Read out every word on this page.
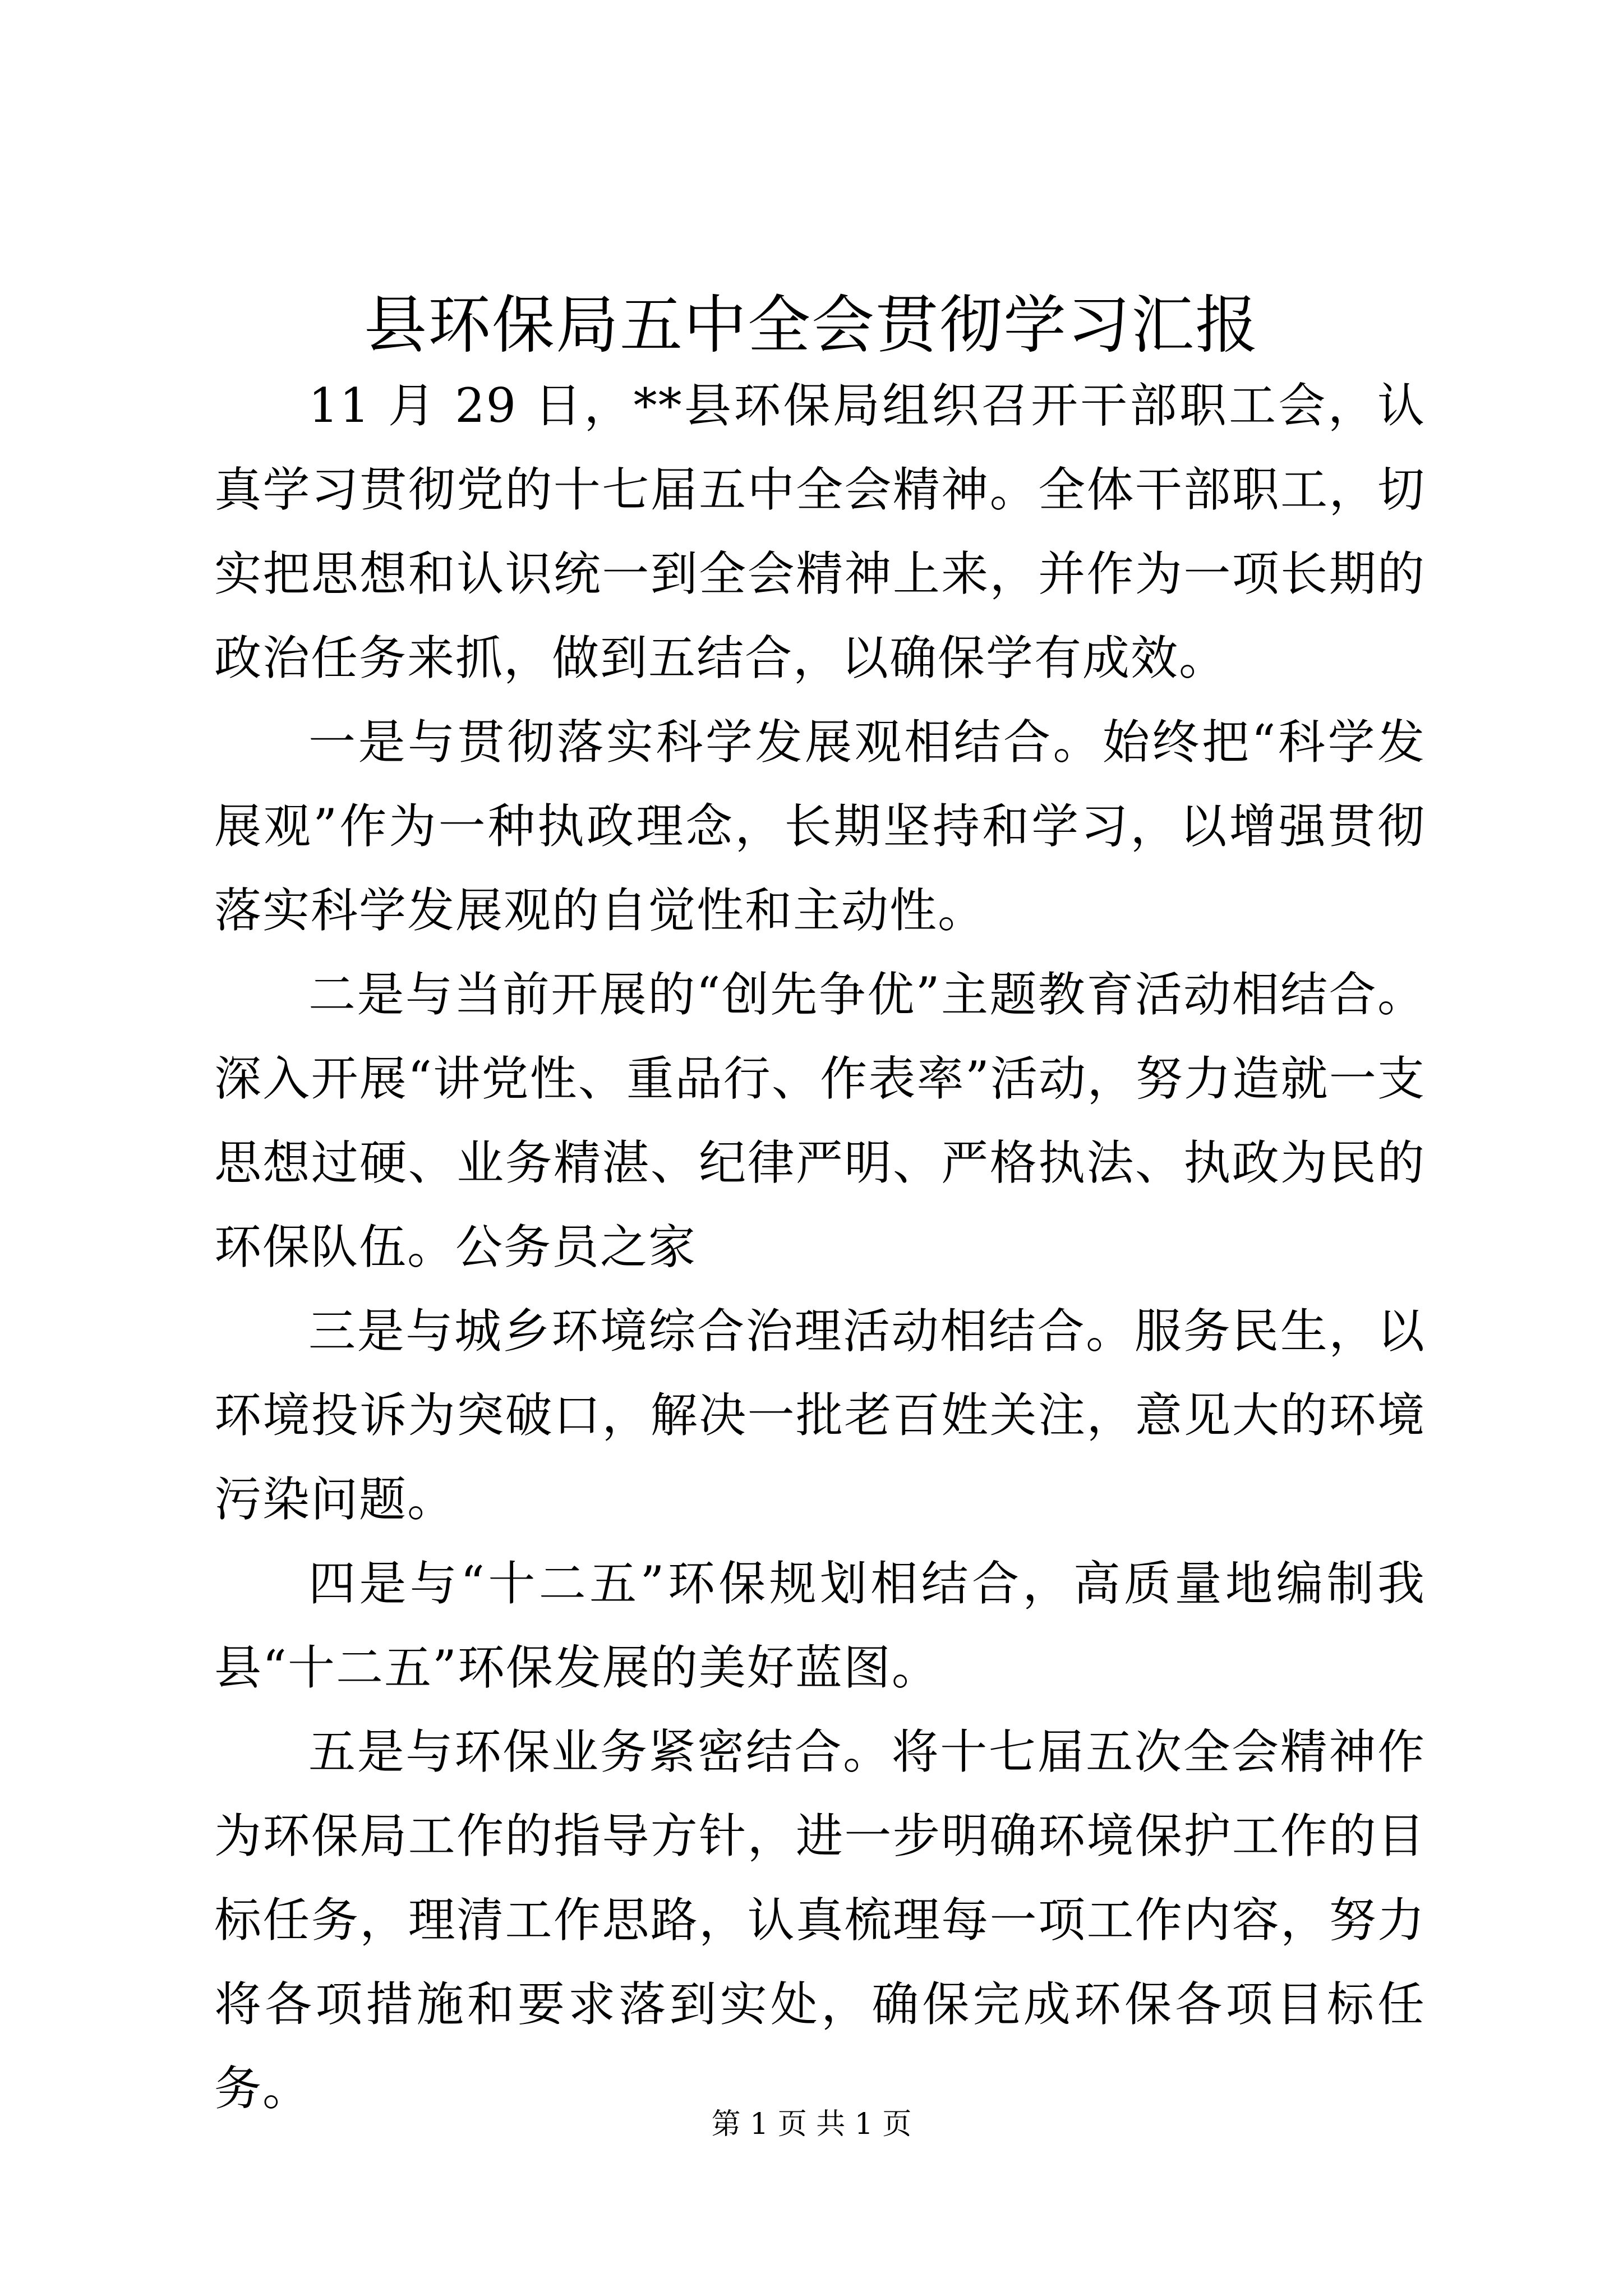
县环保局五中全会贯彻学习汇报

11 月 29 日，**县环保局组织召开干部职工会，认真学习贯彻党的十七届五中全会精神。全体干部职工，切实把思想和认识统一到全会精神上来，并作为一项长期的政治任务来抓，做到五结合，以确保学有成效。

一是与贯彻落实科学发展观相结合。始终把“科学发展观”作为一种执政理念，长期坚持和学习，以增强贯彻落实科学发展观的自觉性和主动性。

二是与当前开展的“创先争优”主题教育活动相结合。深入开展“讲党性、重品行、作表率”活动，努力造就一支思想过硬、业务精湛、纪律严明、严格执法、执政为民的环保队伍。公务员之家

三是与城乡环境综合治理活动相结合。服务民生，以环境投诉为突破口，解决一批老百姓关注，意见大的环境污染问题。

四是与“十二五”环保规划相结合，高质量地编制我县“十二五”环保发展的美好蓝图。

五是与环保业务紧密结合。将十七届五次全会精神作为环保局工作的指导方针，进一步明确环境保护工作的目标任务，理清工作思路，认真梳理每一项工作内容，努力将各项措施和要求落到实处，确保完成环保各项目标任务。

第 1 页 共 1 页
